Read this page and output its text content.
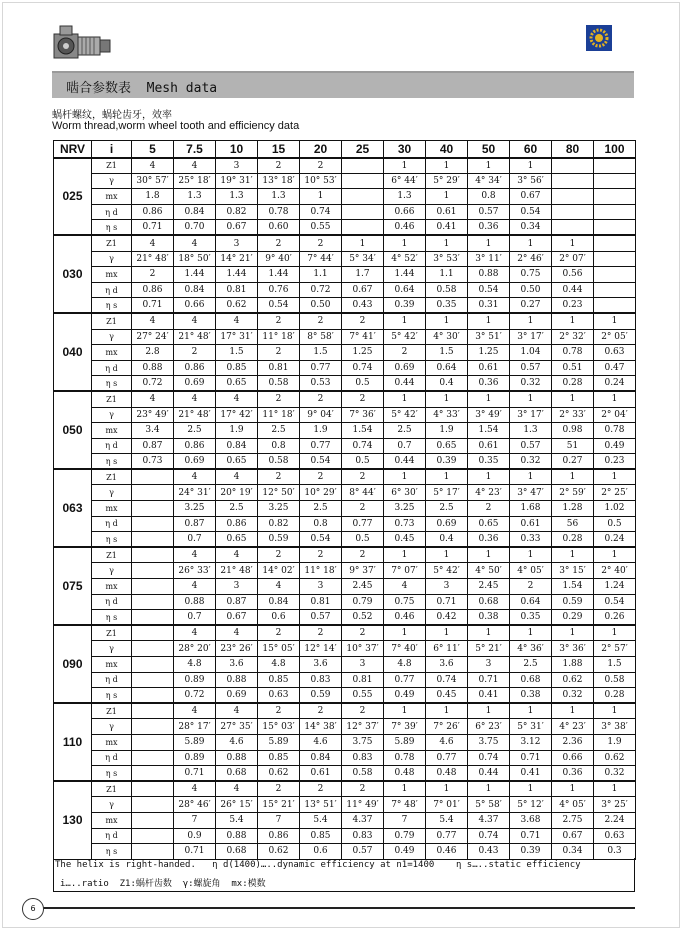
啮合参数表  Mesh data
蜗杆螺纹，蜗轮齿牙，效率
Worm thread,worm wheel tooth and efficiency data
NRV	i	5	7.5	10	15	20	25	30	40	50	60	80	100
025	Z1	4	4	3	2	2		1	1	1	1		
	γ	30° 57′	25° 18′	19° 31′	13° 18′	10° 53′		6° 44′	5° 29′	4° 34′	3° 56′		
	mx	1.8	1.3	1.3	1.3	1		1.3	1	0.8	0.67		
	η d	0.86	0.84	0.82	0.78	0.74		0.66	0.61	0.57	0.54		
	η s	0.71	0.70	0.67	0.60	0.55		0.46	0.41	0.36	0.34		
030	Z1	4	4	3	2	2	1	1	1	1	1	1	
	γ	21° 48′	18° 50′	14° 21′	9° 40′	7° 44′	5° 34′	4° 52′	3° 53′	3° 11′	2° 46′	2° 07′	
	mx	2	1.44	1.44	1.44	1.1	1.7	1.44	1.1	0.88	0.75	0.56	
	η d	0.86	0.84	0.81	0.76	0.72	0.67	0.64	0.58	0.54	0.50	0.44	
	η s	0.71	0.66	0.62	0.54	0.50	0.43	0.39	0.35	0.31	0.27	0.23	
040	Z1	4	4	4	2	2	2	1	1	1	1	1	1
	γ	27° 24′	21° 48′	17° 31′	11° 18′	8° 58′	7° 41′	5° 42′	4° 30′	3° 51′	3° 17′	2° 32′	2° 05′
	mx	2.8	2	1.5	2	1.5	1.25	2	1.5	1.25	1.04	0.78	0.63
	η d	0.88	0.86	0.85	0.81	0.77	0.74	0.69	0.64	0.61	0.57	0.51	0.47
	η s	0.72	0.69	0.65	0.58	0.53	0.5	0.44	0.4	0.36	0.32	0.28	0.24
050	Z1	4	4	4	2	2	2	1	1	1	1	1	1
	γ	23° 49′	21° 48′	17° 42′	11° 18′	9° 04′	7° 36′	5° 42′	4° 33′	3° 49′	3° 17′	2° 33′	2° 04′
	mx	3.4	2.5	1.9	2.5	1.9	1.54	2.5	1.9	1.54	1.3	0.98	0.78
	η d	0.87	0.86	0.84	0.8	0.77	0.74	0.7	0.65	0.61	0.57	51	0.49
	η s	0.73	0.69	0.65	0.58	0.54	0.5	0.44	0.39	0.35	0.32	0.27	0.23
063	Z1		4	4	2	2	2	1	1	1	1	1	1
	γ		24° 31′	20° 19′	12° 50′	10° 29′	8° 44′	6° 30′	5° 17′	4° 23′	3° 47′	2° 59′	2° 25′
	mx		3.25	2.5	3.25	2.5	2	3.25	2.5	2	1.68	1.28	1.02
	η d		0.87	0.86	0.82	0.8	0.77	0.73	0.69	0.65	0.61	56	0.5
	η s		0.7	0.65	0.59	0.54	0.5	0.45	0.4	0.36	0.33	0.28	0.24
075	Z1		4	4	2	2	2	1	1	1	1	1	1
	γ		26° 33′	21° 48′	14° 02′	11° 18′	9° 37′	7° 07′	5° 42′	4° 50′	4° 05′	3° 15′	2° 40′
	mx		4	3	4	3	2.45	4	3	2.45	2	1.54	1.24
	η d		0.88	0.87	0.84	0.81	0.79	0.75	0.71	0.68	0.64	0.59	0.54
	η s		0.7	0.67	0.6	0.57	0.52	0.46	0.42	0.38	0.35	0.29	0.26
090	Z1		4	4	2	2	2	1	1	1	1	1	1
	γ		28° 20′	23° 26′	15° 05′	12° 14′	10° 37′	7° 40′	6° 11′	5° 21′	4° 36′	3° 36′	2° 57′
	mx		4.8	3.6	4.8	3.6	3	4.8	3.6	3	2.5	1.88	1.5
	η d		0.89	0.88	0.85	0.83	0.81	0.77	0.74	0.71	0.68	0.62	0.58
	η s		0.72	0.69	0.63	0.59	0.55	0.49	0.45	0.41	0.38	0.32	0.28
110	Z1		4	4	2	2	2	1	1	1	1	1	1
	γ		28° 17′	27° 35′	15° 03′	14° 38′	12° 37′	7° 39′	7° 26′	6° 23′	5° 31′	4° 23′	3° 38′
	mx		5.89	4.6	5.89	4.6	3.75	5.89	4.6	3.75	3.12	2.36	1.9
	η d		0.89	0.88	0.85	0.84	0.83	0.78	0.77	0.74	0.71	0.66	0.62
	η s		0.71	0.68	0.62	0.61	0.58	0.48	0.48	0.44	0.41	0.36	0.32
130	Z1		4	4	2	2	2	1	1	1	1	1	1
	γ		28° 46′	26° 15′	15° 21′	13° 51′	11° 49′	7° 48′	7° 01′	5° 58′	5° 12′	4° 05′	3° 25′
	mx		7	5.4	7	5.4	4.37	7	5.4	4.37	3.68	2.75	2.24
	η d		0.9	0.88	0.86	0.85	0.83	0.79	0.77	0.74	0.71	0.67	0.63
	η s		0.71	0.68	0.62	0.6	0.57	0.49	0.46	0.43	0.39	0.34	0.3
The helix is right-handed.   η d(1400)…..dynamic efficiency at n1=1400    η s…..static efficiency
i…..ratio  Z1:蜗杆齿数  γ:螺旋角  mx:模数
6
